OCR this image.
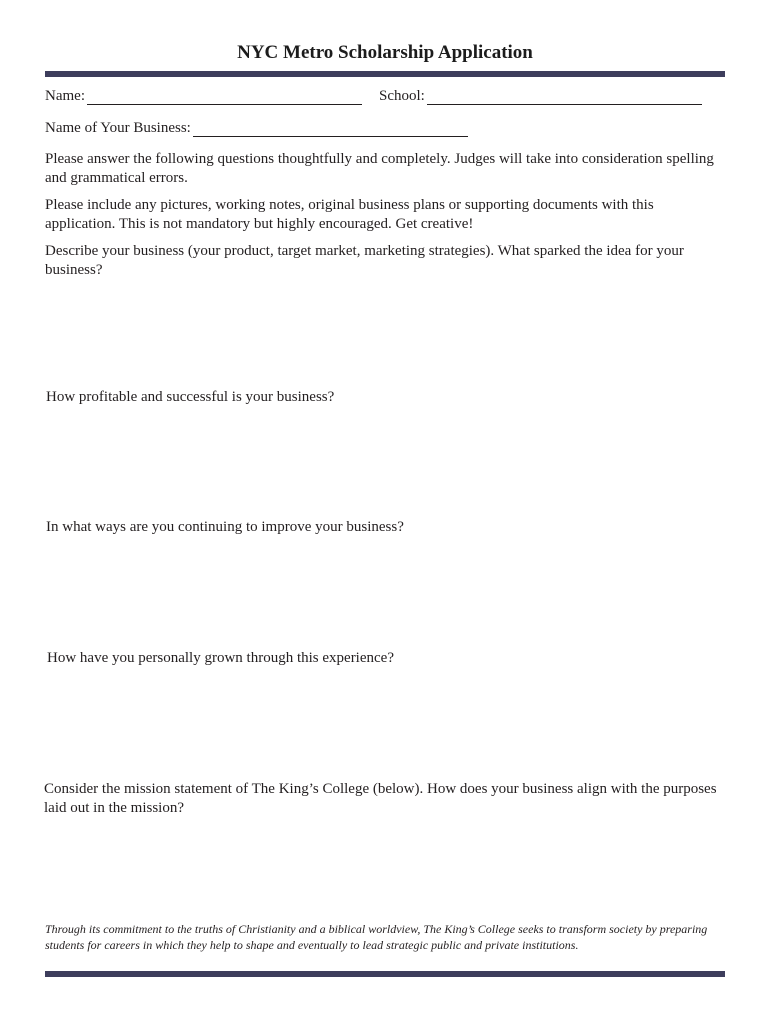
NYC Metro Scholarship Application
Name:	School:
Name of Your Business:
Please answer the following questions thoughtfully and completely. Judges will take into consideration spelling and grammatical errors.
Please include any pictures, working notes, original business plans or supporting documents with this application. This is not mandatory but highly encouraged. Get creative!
Describe your business (your product, target market, marketing strategies). What sparked the idea for your business?
How profitable and successful is your business?
In what ways are you continuing to improve your business?
How have you personally grown through this experience?
Consider the mission statement of The King’s College (below). How does your business align with the purposes laid out in the mission?
Through its commitment to the truths of Christianity and a biblical worldview, The King’s College seeks to transform society by preparing students for careers in which they help to shape and eventually to lead strategic public and private institutions.
